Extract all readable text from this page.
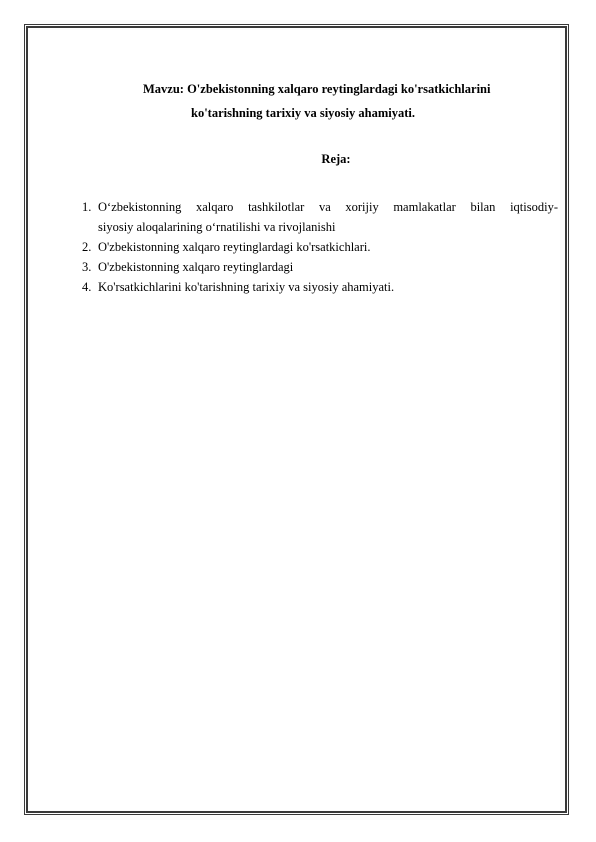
Mavzu: O'zbekistonning xalqaro reytinglardagi ko'rsatkichlarini
ko'tarishning tarixiy va siyosiy ahamiyati.
Reja:
1. O‘zbekistonning xalqaro tashkilotlar va xorijiy mamlakatlar bilan iqtisodiy-
siyosiy aloqalarining o‘rnatilishi va rivojlanishi
2. O'zbekistonning xalqaro reytinglardagi ko'rsatkichlari.
3. O'zbekistonning xalqaro reytinglardagi
4. Ko'rsatkichlarini ko'tarishning tarixiy va siyosiy ahamiyati.
